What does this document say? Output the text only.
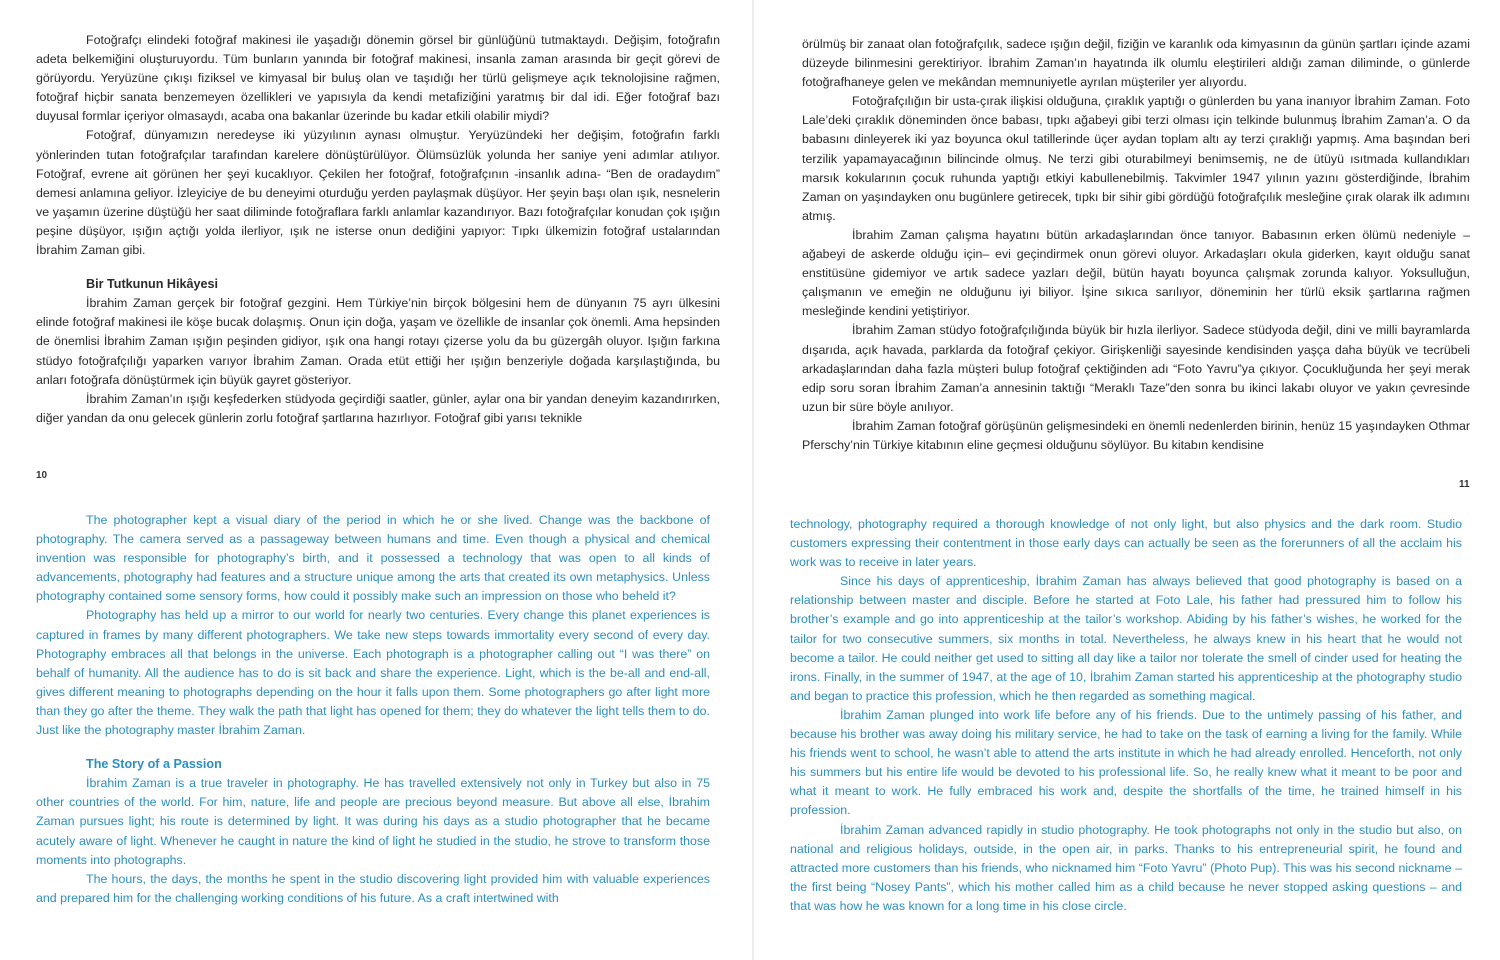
Fotoğrafçı elindeki fotoğraf makinesi ile yaşadığı dönemin görsel bir günlüğünü tutmaktaydı. Değişim, fotoğrafın adeta belkemiğini oluşturuyordu. Tüm bunların yanında bir fotoğraf makinesi, insanla zaman arasında bir geçit görevi de görüyordu. Yeryüzüne çıkışı fiziksel ve kimyasal bir buluş olan ve taşıdığı her türlü gelişmeye açık teknolojisine rağmen, fotoğraf hiçbir sanata benzemeyen özellikleri ve yapısıyla da kendi metafiziğini yaratmış bir dal idi. Eğer fotoğraf bazı duyusal formlar içeriyor olmasaydı, acaba ona bakanlar üzerinde bu kadar etkili olabilir miydi?

Fotoğraf, dünyamızın neredeyse iki yüzyılının aynası olmuştur. Yeryüzündeki her değişim, fotoğrafın farklı yönlerinden tutan fotoğrafçılar tarafından karelere dönüştürülüyor. Ölümsüzlük yolunda her saniye yeni adımlar atılıyor. Fotoğraf, evrene ait görünen her şeyi kucaklıyor. Çekilen her fotoğraf, fotoğrafçının -insanlık adına- “Ben de oradaydım” demesi anlamına geliyor. İzleyiciye de bu deneyimi oturduğu yerden paylaşmak düşüyor. Her şeyin başı olan ışık, nesnelerin ve yaşamın üzerine düştüğü her saat diliminde fotoğraflara farklı anlamlar kazandırıyor. Bazı fotoğrafçılar konudan çok ışığın peşine düşüyor, ışığın açtığı yolda ilerliyor, ışık ne isterse onun dediğini yapıyor: Tıpkı ülkemizin fotoğraf ustalarından İbrahim Zaman gibi.

Bir Tutkunun Hikâyesi

İbrahim Zaman gerçek bir fotoğraf gezgini. Hem Türkiye’nin birçok bölgesini hem de dünyanın 75 ayrı ülkesini elinde fotoğraf makinesi ile köşe bucak dolaşmış. Onun için doğa, yaşam ve özellikle de insanlar çok önemli. Ama hepsinden de önemlisi İbrahim Zaman ışığın peşinden gidiyor, ışık ona hangi rotayı çizerse yolu da bu güzergâh oluyor. Işığın farkına stüdyo fotoğrafçılığı yaparken varıyor İbrahim Zaman. Orada etüt ettiği her ışığın benzeriyle doğada karşılaştığında, bu anları fotoğrafa dönüştürmek için büyük gayret gösteriyor.

İbrahim Zaman’ın ışığı keşfederken stüdyoda geçirdiği saatler, günler, aylar ona bir yandan deneyim kazandırırken, diğer yandan da onu gelecek günlerin zorlu fotoğraf şartlarına hazırlıyor. Fotoğraf gibi yarısı teknikle

10

The photographer kept a visual diary of the period in which he or she lived. Change was the backbone of photography. The camera served as a passageway between humans and time. Even though a physical and chemical invention was responsible for photography’s birth, and it possessed a technology that was open to all kinds of advancements, photography had features and a structure unique among the arts that created its own metaphysics. Unless photography contained some sensory forms, how could it possibly make such an impression on those who beheld it?

Photography has held up a mirror to our world for nearly two centuries. Every change this planet experiences is captured in frames by many different photographers. We take new steps towards immortality every second of every day. Photography embraces all that belongs in the universe. Each photograph is a photographer calling out “I was there” on behalf of humanity. All the audience has to do is sit back and share the experience. Light, which is the be-all and end-all, gives different meaning to photographs depending on the hour it falls upon them. Some photographers go after light more than they go after the theme. They walk the path that light has opened for them; they do whatever the light tells them to do. Just like the photography master İbrahim Zaman.

The Story of a Passion

İbrahim Zaman is a true traveler in photography. He has travelled extensively not only in Turkey but also in 75 other countries of the world. For him, nature, life and people are precious beyond measure. But above all else, İbrahim Zaman pursues light; his route is determined by light. It was during his days as a studio photographer that he became acutely aware of light. Whenever he caught in nature the kind of light he studied in the studio, he strove to transform those moments into photographs.

The hours, the days, the months he spent in the studio discovering light provided him with valuable experiences and prepared him for the challenging working conditions of his future. As a craft intertwined with

örülmüş bir zanaat olan fotoğrafçılık, sadece ışığın değil, fiziğin ve karanlık oda kimyasının da günün şartları içinde azami düzeyde bilinmesini gerektiriyor. İbrahim Zaman’ın hayatında ilk olumlu eleştirileri aldığı zaman diliminde, o günlerde fotoğrafhaneye gelen ve mekândan memnuniyetle ayrılan müşteriler yer alıyordu.

Fotoğrafçılığın bir usta-çırak ilişkisi olduğuna, çıraklık yaptığı o günlerden bu yana inanıyor İbrahim Zaman. Foto Lale’deki çıraklık döneminden önce babası, tıpkı ağabeyi gibi terzi olması için telkinde bulunmuş İbrahim Zaman’a. O da babasını dinleyerek iki yaz boyunca okul tatillerinde üçer aydan toplam altı ay terzi çıraklığı yapmış. Ama başından beri terzilik yapamayacağının bilincinde olmuş. Ne terzi gibi oturabilmeyi benimsemiş, ne de ütüyü ısıtmada kullandıkları marsık kokularının çocuk ruhunda yaptığı etkiyi kabullenebilmiş. Takvimler 1947 yılının yazını gösterdiğinde, İbrahim Zaman on yaşındayken onu bugünlere getirecek, tıpkı bir sihir gibi gördüğü fotoğrafçılık mesleğine çırak olarak ilk adımını atmış.

İbrahim Zaman çalışma hayatını bütün arkadaşlarından önce tanıyor. Babasının erken ölümü nedeniyle – ağabeyi de askerde olduğu için– evi geçindirmek onun görevi oluyor. Arkadaşları okula giderken, kayıt olduğu sanat enstitüsüne gidemiyor ve artık sadece yazları değil, bütün hayatı boyunca çalışmak zorunda kalıyor. Yoksulluğun, çalışmanın ve emeğin ne olduğunu iyi biliyor. İşine sıkıca sarılıyor, döneminin her türlü eksik şartlarına rağmen mesleğinde kendini yetiştiriyor.

İbrahim Zaman stüdyo fotoğrafçılığında büyük bir hızla ilerliyor. Sadece stüdyoda değil, dini ve milli bayramlarda dışarıda, açık havada, parklarda da fotoğraf çekiyor. Girişkenliği sayesinde kendisinden yaşça daha büyük ve tecrübeli arkadaşlarından daha fazla müşteri bulup fotoğraf çektiğinden adı “Foto Yavru”ya çıkıyor. Çocukluğunda her şeyi merak edip soru soran İbrahim Zaman’a annesinin taktığı “Meraklı Taze”den sonra bu ikinci lakabı oluyor ve yakın çevresinde uzun bir süre böyle anılıyor.

İbrahim Zaman fotoğraf görüşünün gelişmesindeki en önemli nedenlerden birinin, henüz 15 yaşındayken Othmar Pferschy’nin Türkiye kitabının eline geçmesi olduğunu söylüyor. Bu kitabın kendisine

11

technology, photography required a thorough knowledge of not only light, but also physics and the dark room. Studio customers expressing their contentment in those early days can actually be seen as the forerunners of all the acclaim his work was to receive in later years.

Since his days of apprenticeship, İbrahim Zaman has always believed that good photography is based on a relationship between master and disciple. Before he started at Foto Lale, his father had pressured him to follow his brother’s example and go into apprenticeship at the tailor’s workshop. Abiding by his father’s wishes, he worked for the tailor for two consecutive summers, six months in total. Nevertheless, he always knew in his heart that he would not become a tailor. He could neither get used to sitting all day like a tailor nor tolerate the smell of cinder used for heating the irons. Finally, in the summer of 1947, at the age of 10, İbrahim Zaman started his apprenticeship at the photography studio and began to practice this profession, which he then regarded as something magical.

İbrahim Zaman plunged into work life before any of his friends. Due to the untimely passing of his father, and because his brother was away doing his military service, he had to take on the task of earning a living for the family. While his friends went to school, he wasn’t able to attend the arts institute in which he had already enrolled. Henceforth, not only his summers but his entire life would be devoted to his professional life. So, he really knew what it meant to be poor and what it meant to work. He fully embraced his work and, despite the shortfalls of the time, he trained himself in his profession.

İbrahim Zaman advanced rapidly in studio photography. He took photographs not only in the studio but also, on national and religious holidays, outside, in the open air, in parks. Thanks to his entrepreneurial spirit, he found and attracted more customers than his friends, who nicknamed him “Foto Yavru” (Photo Pup). This was his second nickname – the first being “Nosey Pants”, which his mother called him as a child because he never stopped asking questions – and that was how he was known for a long time in his close circle.
